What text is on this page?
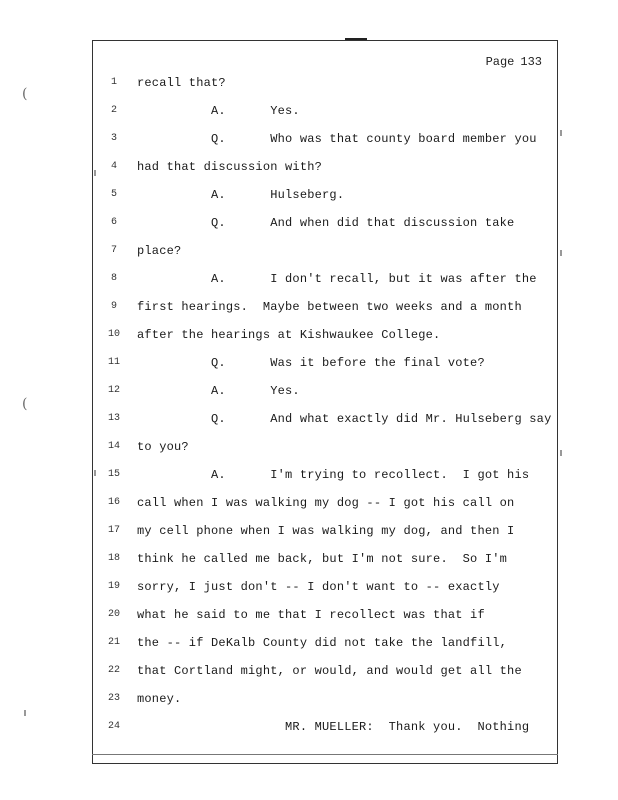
Page 133
1	recall that?
2	A.      Yes.
3	Q.      Who was that county board member you
4	had that discussion with?
5	A.      Hulseberg.
6	Q.      And when did that discussion take
7	place?
8	A.      I don't recall, but it was after the
9	first hearings.  Maybe between two weeks and a month
10	after the hearings at Kishwaukee College.
11	Q.      Was it before the final vote?
12	A.      Yes.
13	Q.      And what exactly did Mr. Hulseberg say
14	to you?
15	A.      I'm trying to recollect.  I got his
16	call when I was walking my dog -- I got his call on
17	my cell phone when I was walking my dog, and then I
18	think he called me back, but I'm not sure.  So I'm
19	sorry, I just don't -- I don't want to -- exactly
20	what he said to me that I recollect was that if
21	the -- if DeKalb County did not take the landfill,
22	that Cortland might, or would, and would get all the
23	money.
24	MR. MUELLER:  Thank you.  Nothing
(
(
